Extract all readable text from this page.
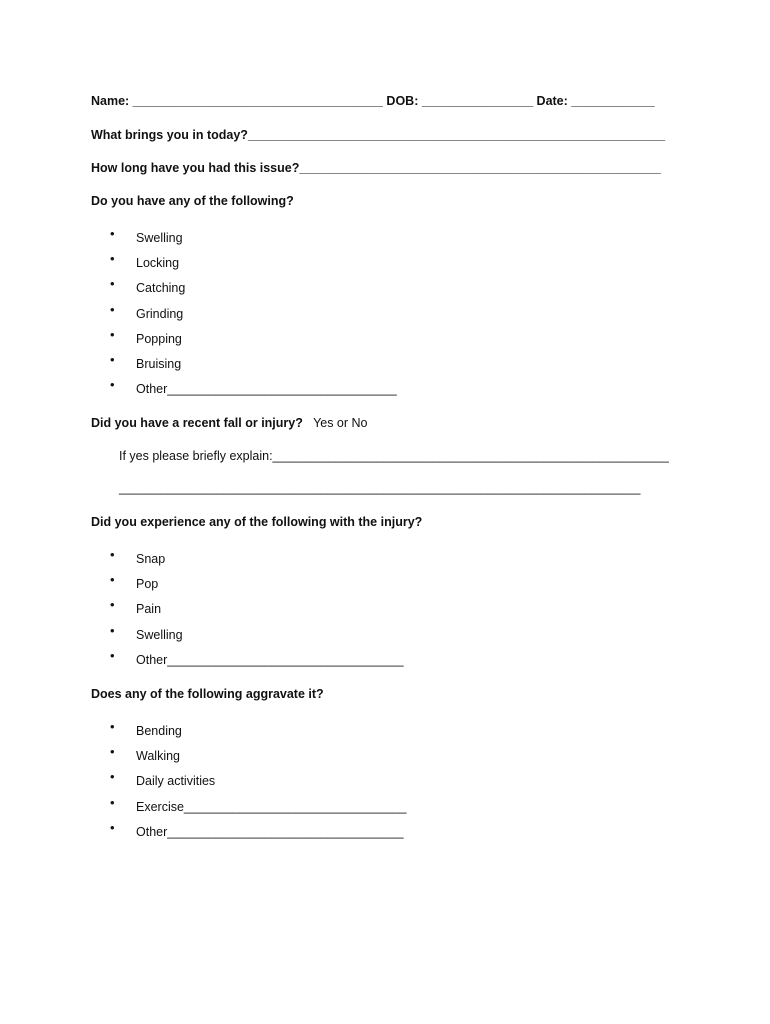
Name: ____________________________________ DOB: ________________ Date: ____________
What brings you in today?____________________________________________________________
How long have you had this issue?____________________________________________________
Do you have any of the following?
•	Swelling
•	Locking
•	Catching
•	Grinding
•	Popping
•	Bruising
•	Other_________________________________
Did you have a recent fall or injury? Yes or No
If yes please briefly explain:_________________________________________________________
___________________________________________________________________________
Did you experience any of the following with the injury?
•	Snap
•	Pop
•	Pain
•	Swelling
•	Other__________________________________
Does any of the following aggravate it?
•	Bending
•	Walking
•	Daily activities
•	Exercise________________________________
•	Other__________________________________
